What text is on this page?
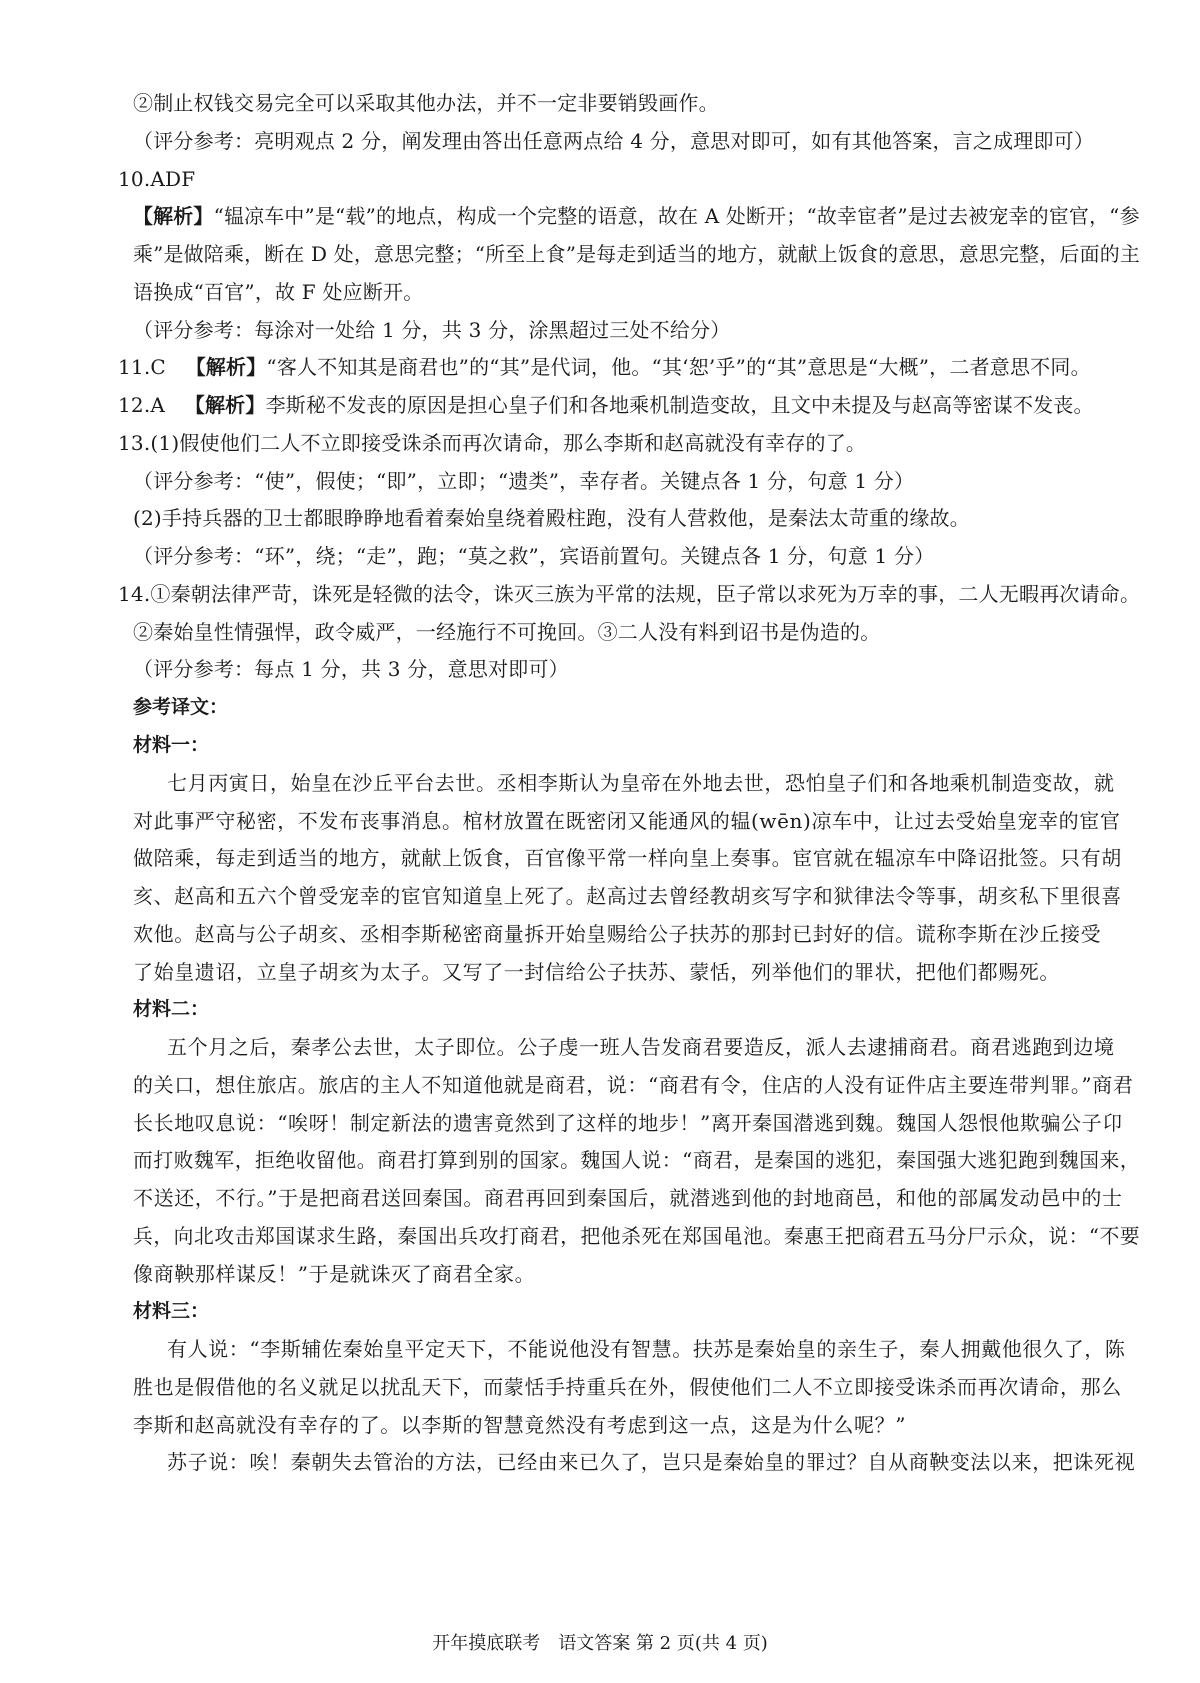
②制止权钱交易完全可以采取其他办法，并不一定非要销毁画作。
（评分参考：亮明观点 2 分，阐发理由答出任意两点给 4 分，意思对即可，如有其他答案，言之成理即可）
10.ADF
【解析】“辒凉车中”是“载”的地点，构成一个完整的语意，故在 A 处断开；“故幸宦者”是过去被宠幸的宦官，“参
乘”是做陪乘，断在 D 处，意思完整；“所至上食”是每走到适当的地方，就献上饭食的意思，意思完整，后面的主
语换成“百官”，故 F 处应断开。
（评分参考：每涂对一处给 1 分，共 3 分，涂黑超过三处不给分）
11.C 【解析】“客人不知其是商君也”的“其”是代词，他。“其‘恕’乎”的“其”意思是“大概”，二者意思不同。
12.A 【解析】李斯秘不发丧的原因是担心皇子们和各地乘机制造变故，且文中未提及与赵高等密谋不发丧。
13.(1)假使他们二人不立即接受诛杀而再次请命，那么李斯和赵高就没有幸存的了。
（评分参考：“使”，假使；“即”，立即；“遗类”，幸存者。关键点各 1 分，句意 1 分）
(2)手持兵器的卫士都眼睁睁地看着秦始皇绕着殿柱跑，没有人营救他，是秦法太苛重的缘故。
（评分参考：“环”，绕；“走”，跑；“莫之救”，宾语前置句。关键点各 1 分，句意 1 分）
14.①秦朝法律严苛，诛死是轻微的法令，诛灭三族为平常的法规，臣子常以求死为万幸的事，二人无暇再次请命。
②秦始皇性情强悍，政令威严，一经施行不可挽回。③二人没有料到诏书是伪造的。
（评分参考：每点 1 分，共 3 分，意思对即可）
参考译文：
材料一：
七月丙寅日，始皇在沙丘平台去世。丞相李斯认为皇帝在外地去世，恐怕皇子们和各地乘机制造变故，就
对此事严守秘密，不发布丧事消息。棺材放置在既密闭又能通风的辒(wēn)凉车中，让过去受始皇宠幸的宦官
做陪乘，每走到适当的地方，就献上饭食，百官像平常一样向皇上奏事。宦官就在辒凉车中降诏批签。只有胡
亥、赵高和五六个曾受宠幸的宦官知道皇上死了。赵高过去曾经教胡亥写字和狱律法令等事，胡亥私下里很喜
欢他。赵高与公子胡亥、丞相李斯秘密商量拆开始皇赐给公子扶苏的那封已封好的信。谎称李斯在沙丘接受
了始皇遗诏，立皇子胡亥为太子。又写了一封信给公子扶苏、蒙恬，列举他们的罪状，把他们都赐死。
材料二：
五个月之后，秦孝公去世，太子即位。公子虔一班人告发商君要造反，派人去逮捕商君。商君逃跑到边境
的关口，想住旅店。旅店的主人不知道他就是商君，说：“商君有令，住店的人没有证件店主要连带判罪。”商君
长长地叹息说：“唉呀！制定新法的遗害竟然到了这样的地步！”离开秦国潜逃到魏。魏国人怨恨他欺骗公子卬
而打败魏军，拒绝收留他。商君打算到别的国家。魏国人说：“商君，是秦国的逃犯，秦国强大逃犯跑到魏国来，
不送还，不行。”于是把商君送回秦国。商君再回到秦国后，就潜逃到他的封地商邑，和他的部属发动邑中的士
兵，向北攻击郑国谋求生路，秦国出兵攻打商君，把他杀死在郑国黾池。秦惠王把商君五马分尸示众，说：“不要
像商鞅那样谋反！”于是就诛灭了商君全家。
材料三：
有人说：“李斯辅佐秦始皇平定天下，不能说他没有智慧。扶苏是秦始皇的亲生子，秦人拥戴他很久了，陈
胜也是假借他的名义就足以扰乱天下，而蒙恬手持重兵在外，假使他们二人不立即接受诛杀而再次请命，那么
李斯和赵高就没有幸存的了。以李斯的智慧竟然没有考虑到这一点，这是为什么呢？”
苏子说：唉！秦朝失去管治的方法，已经由来已久了，岂只是秦始皇的罪过？自从商鞅变法以来，把诛死视
开年摸底联考　语文答案 第 2 页(共 4 页)
